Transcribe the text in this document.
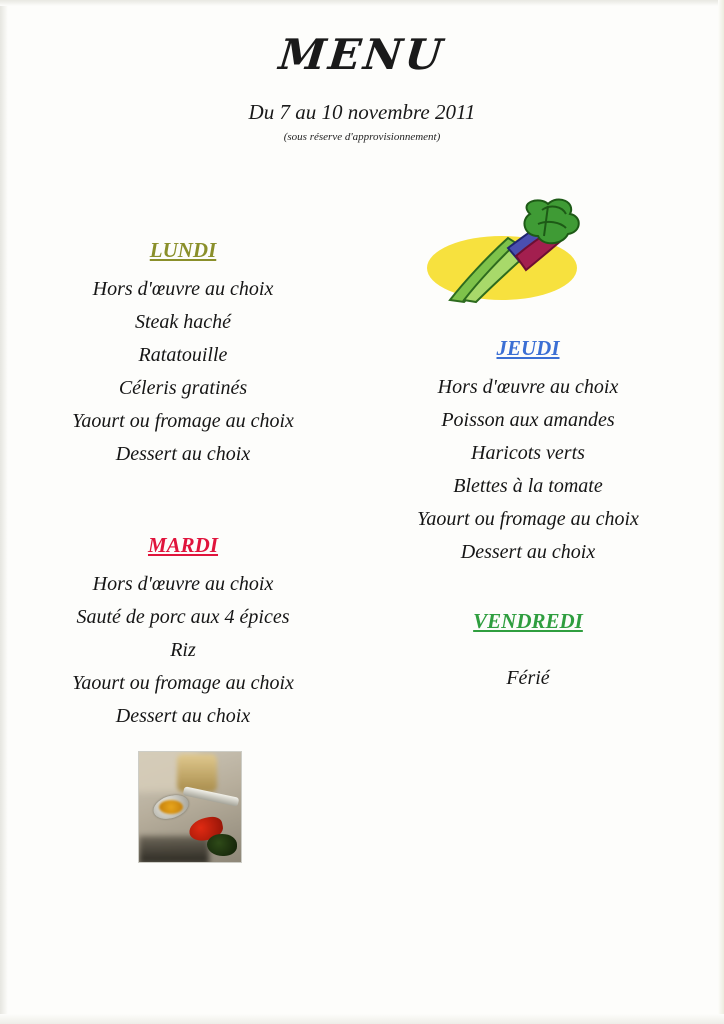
MENU
Du 7 au 10 novembre 2011
(sous réserve d'approvisionnement)
LUNDI
Hors d'œuvre au choix
Steak haché
Ratatouille
Céleris gratinés
Yaourt ou fromage au choix
Dessert au choix
MARDI
Hors d'œuvre au choix
Sauté de porc aux 4 épices
Riz
Yaourt ou fromage au choix
Dessert au choix
JEUDI
Hors d'œuvre au choix
Poisson aux amandes
Haricots verts
Blettes à la tomate
Yaourt ou fromage au choix
Dessert au choix
VENDREDI
Férié
